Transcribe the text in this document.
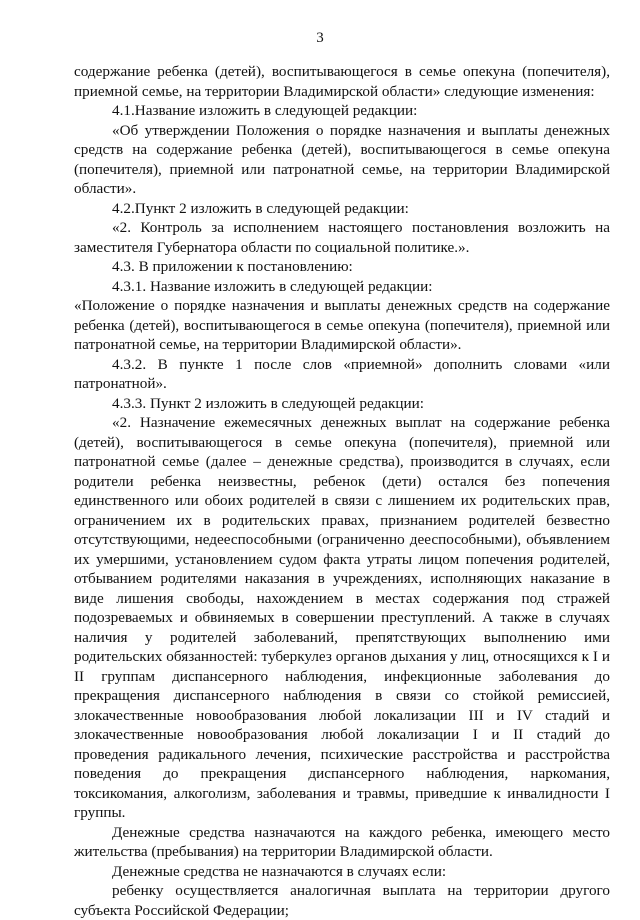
3

содержание ребенка (детей), воспитывающегося в семье опекуна (попечителя), приемной семье, на территории Владимирской области» следующие изменения:

4.1.Название изложить в следующей редакции:

«Об утверждении Положения о порядке назначения и выплаты денежных средств на содержание ребенка (детей), воспитывающегося в семье опекуна (попечителя), приемной или патронатной семье, на территории Владимирской области».

4.2.Пункт 2 изложить в следующей редакции:

«2. Контроль за исполнением настоящего постановления возложить на заместителя Губернатора области по социальной политике.».

4.3. В приложении к постановлению:

4.3.1. Название изложить в следующей редакции:

«Положение о порядке назначения и выплаты денежных средств на содержание ребенка (детей), воспитывающегося в семье опекуна (попечителя), приемной или патронатной семье, на территории Владимирской области».

4.3.2. В пункте 1 после слов «приемной» дополнить словами «или патронатной».

4.3.3. Пункт 2 изложить в следующей редакции:

«2. Назначение ежемесячных денежных выплат на содержание ребенка (детей), воспитывающегося в семье опекуна (попечителя), приемной или патронатной семье (далее – денежные средства), производится в случаях, если родители ребенка неизвестны, ребенок (дети) остался без попечения единственного или обоих родителей в связи с лишением их родительских прав, ограничением их в родительских правах, признанием родителей безвестно отсутствующими, недееспособными (ограниченно дееспособными), объявлением их умершими, установлением судом факта утраты лицом попечения родителей, отбыванием родителями наказания в учреждениях, исполняющих наказание в виде лишения свободы, нахождением в местах содержания под стражей подозреваемых и обвиняемых в совершении преступлений. А также в случаях наличия у родителей заболеваний, препятствующих выполнению ими родительских обязанностей: туберкулез органов дыхания у лиц, относящихся к I и II группам диспансерного наблюдения, инфекционные заболевания до прекращения диспансерного наблюдения в связи со стойкой ремиссией, злокачественные новообразования любой локализации III и IV стадий и злокачественные новообразования любой локализации I и II стадий до проведения радикального лечения, психические расстройства и расстройства поведения до прекращения диспансерного наблюдения, наркомания, токсикомания, алкоголизм, заболевания и травмы, приведшие к инвалидности I группы.

Денежные средства назначаются на каждого ребенка, имеющего место жительства (пребывания) на территории Владимирской области.

Денежные средства не назначаются в случаях если:

ребенку осуществляется аналогичная выплата на территории другого субъекта Российской Федерации;
